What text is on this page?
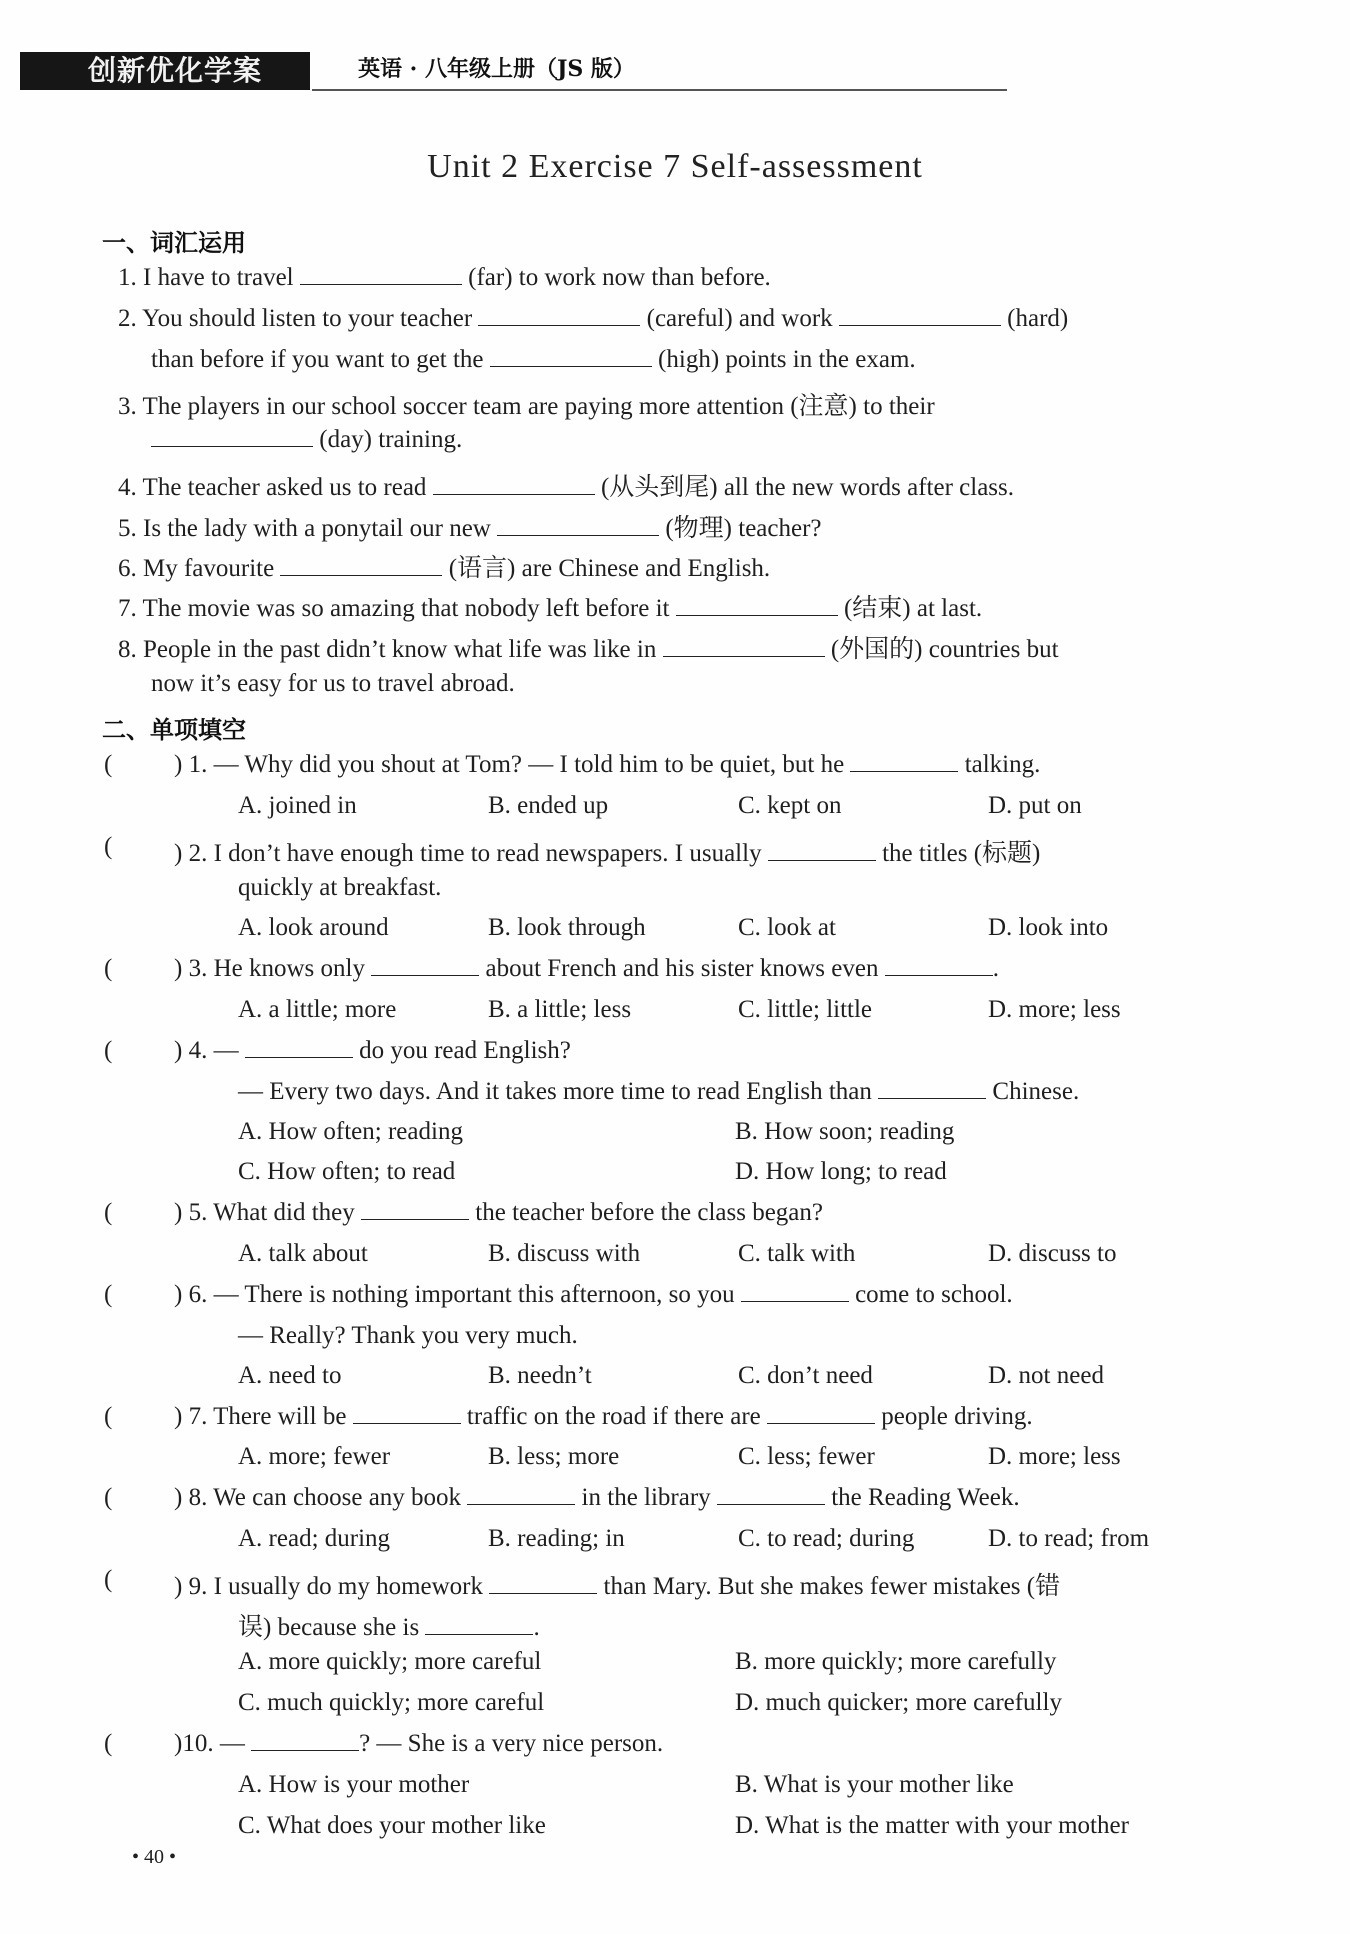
创新优化学案	英语 · 八年级上册（JS 版）
Unit 2 Exercise 7 Self-assessment
一、词汇运用
1. I have to travel	(far) to work now than before.
2. You should listen to your teacher	(careful) and work	(hard)
than before if you want to get the	(high) points in the exam.
3. The players in our school soccer team are paying more attention (注意) to their
(day) training.
4. The teacher asked us to read	(从头到尾) all the new words after class.
5. Is the lady with a ponytail our new	(物理) teacher?
6. My favourite	(语言) are Chinese and English.
7. The movie was so amazing that nobody left before it	(结束) at last.
8. People in the past didn’t know what life was like in	(外国的) countries but
now it’s easy for us to travel abroad.
二、单项填空
( ) 1. — Why did you shout at Tom? — I told him to be quiet, but he	talking.
A. joined in	B. ended up	C. kept on	D. put on
( ) 2. I don’t have enough time to read newspapers. I usually	the titles (标题)
quickly at breakfast.
A. look around	B. look through	C. look at	D. look into
( ) 3. He knows only	about French and his sister knows even	.
A. a little; more	B. a little; less	C. little; little	D. more; less
( ) 4. —	do you read English?
— Every two days. And it takes more time to read English than	Chinese.
A. How often; reading	B. How soon; reading
C. How often; to read	D. How long; to read
( ) 5. What did they	the teacher before the class began?
A. talk about	B. discuss with	C. talk with	D. discuss to
( ) 6. — There is nothing important this afternoon, so you	come to school.
— Really? Thank you very much.
A. need to	B. needn’t	C. don’t need	D. not need
( ) 7. There will be	traffic on the road if there are	people driving.
A. more; fewer	B. less; more	C. less; fewer	D. more; less
( ) 8. We can choose any book	in the library	the Reading Week.
A. read; during	B. reading; in	C. to read; during	D. to read; from
( ) 9. I usually do my homework	than Mary. But she makes fewer mistakes (错
误) because she is	.
A. more quickly; more careful	B. more quickly; more carefully
C. much quickly; more careful	D. much quicker; more carefully
( )10. —	? — She is a very nice person.
A. How is your mother	B. What is your mother like
C. What does your mother like	D. What is the matter with your mother
• 40 •
